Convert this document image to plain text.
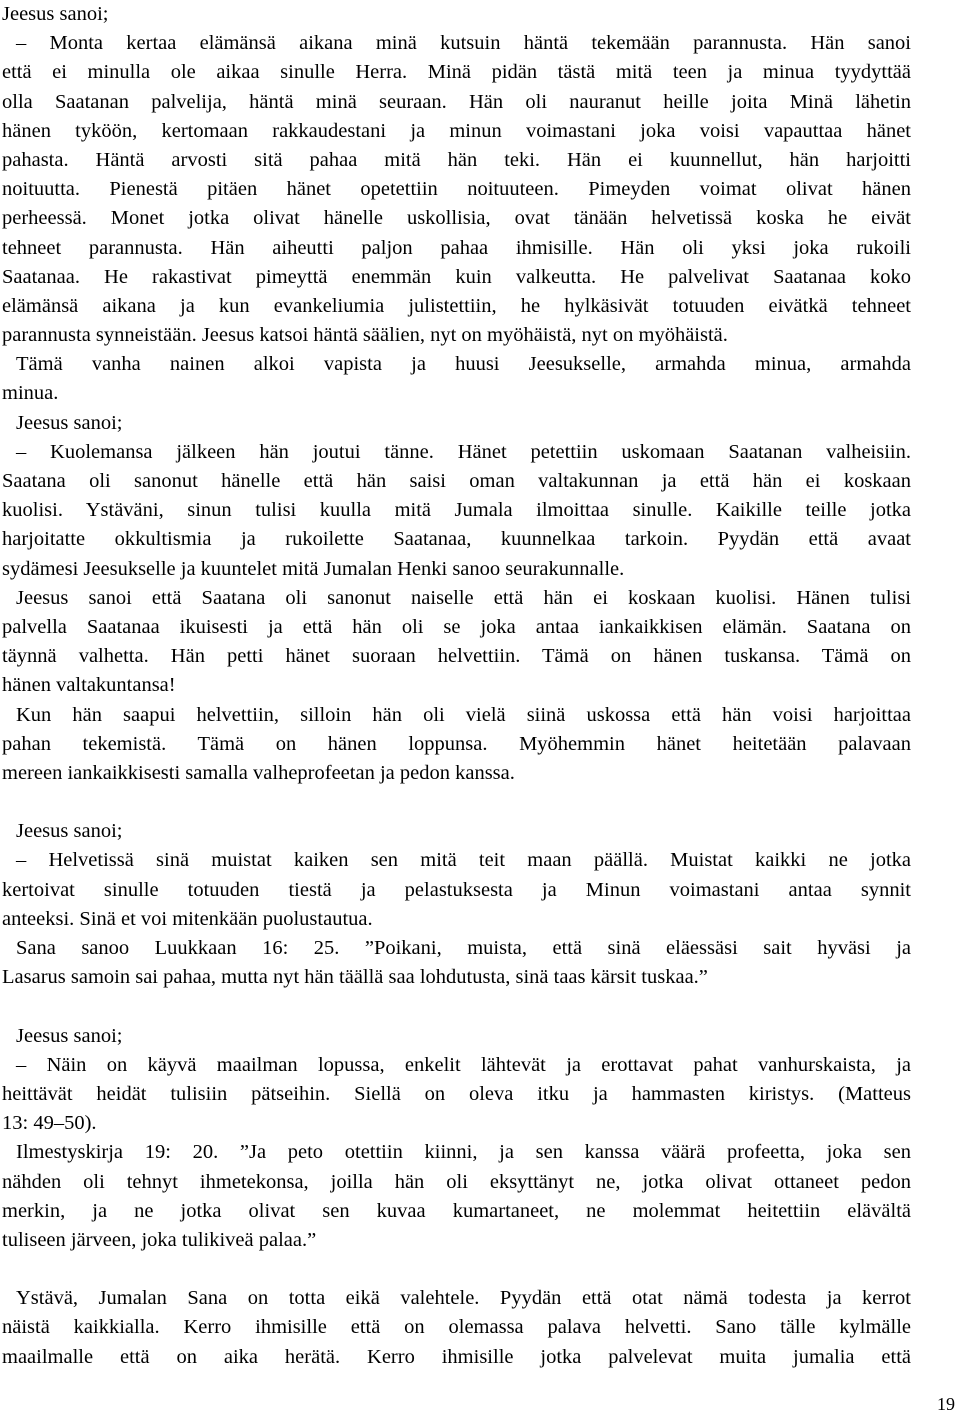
Jeesus sanoi;
– Monta kertaa elämänsä aikana minä kutsuin häntä tekemään parannusta. Hän sanoi
että ei minulla ole aikaa sinulle Herra. Minä pidän tästä mitä teen ja minua tyydyttää
olla Saatanan palvelija, häntä minä seuraan. Hän oli nauranut heille joita Minä lähetin
hänen tyköön, kertomaan rakkaudestani ja minun voimastani joka voisi vapauttaa hänet
pahasta. Häntä arvosti sitä pahaa mitä hän teki. Hän ei kuunnellut, hän harjoitti
noituutta. Pienestä pitäen hänet opetettiin noituuteen. Pimeyden voimat olivat hänen
perheessä. Monet jotka olivat hänelle uskollisia, ovat tänään helvetissä koska he eivät
tehneet parannusta. Hän aiheutti paljon pahaa ihmisille. Hän oli yksi joka rukoili
Saatanaa. He rakastivat pimeyttä enemmän kuin valkeutta. He palvelivat Saatanaa koko
elämänsä aikana ja kun evankeliumia julistettiin, he hylkäsivät totuuden eivätkä tehneet
parannusta synneistään. Jeesus katsoi häntä säälien, nyt on myöhäistä, nyt on myöhäistä.
Tämä vanha nainen alkoi vapista ja huusi Jeesukselle, armahda minua, armahda
minua.
Jeesus sanoi;
– Kuolemansa jälkeen hän joutui tänne. Hänet petettiin uskomaan Saatanan valheisiin.
Saatana oli sanonut hänelle että hän saisi oman valtakunnan ja että hän ei koskaan
kuolisi. Ystäväni, sinun tulisi kuulla mitä Jumala ilmoittaa sinulle. Kaikille teille jotka
harjoitatte okkultismia ja rukoilette Saatanaa, kuunnelkaa tarkoin. Pyydän että avaat
sydämesi Jeesukselle ja kuuntelet mitä Jumalan Henki sanoo seurakunnalle.
Jeesus sanoi että Saatana oli sanonut naiselle että hän ei koskaan kuolisi. Hänen tulisi
palvella Saatanaa ikuisesti ja että hän oli se joka antaa iankaikkisen elämän. Saatana on
täynnä valhetta. Hän petti hänet suoraan helvettiin. Tämä on hänen tuskansa. Tämä on
hänen valtakuntansa!
Kun hän saapui helvettiin, silloin hän oli vielä siinä uskossa että hän voisi harjoittaa
pahan tekemistä. Tämä on hänen loppunsa. Myöhemmin hänet heitetään palavaan
mereen iankaikkisesti samalla valheprofeetan ja pedon kanssa.
Jeesus sanoi;
– Helvetissä sinä muistat kaiken sen mitä teit maan päällä. Muistat kaikki ne jotka
kertoivat sinulle totuuden tiestä ja pelastuksesta ja Minun voimastani antaa synnit
anteeksi. Sinä et voi mitenkään puolustautua.
Sana sanoo Luukkaan 16: 25. ”Poikani, muista, että sinä eläessäsi sait hyväsi ja
Lasarus samoin sai pahaa, mutta nyt hän täällä saa lohdutusta, sinä taas kärsit tuskaa.”
Jeesus sanoi;
– Näin on käyvä maailman lopussa, enkelit lähtevät ja erottavat pahat vanhurskaista, ja
heittävät heidät tulisiin pätseihin. Siellä on oleva itku ja hammasten kiristys. (Matteus
13: 49–50).
Ilmestyskirja 19: 20. ”Ja peto otettiin kiinni, ja sen kanssa väärä profeetta, joka sen
nähden oli tehnyt ihmetekonsa, joilla hän oli eksyttänyt ne, jotka olivat ottaneet pedon
merkin, ja ne jotka olivat sen kuvaa kumartaneet, ne molemmat heitettiin elävältä
tuliseen järveen, joka tulikiveä palaa.”
Ystävä, Jumalan Sana on totta eikä valehtele. Pyydän että otat nämä todesta ja kerrot
näistä kaikkialla. Kerro ihmisille että on olemassa palava helvetti. Sano tälle kylmälle
maailmalle että on aika herätä. Kerro ihmisille jotka palvelevat muita jumalia että
19
